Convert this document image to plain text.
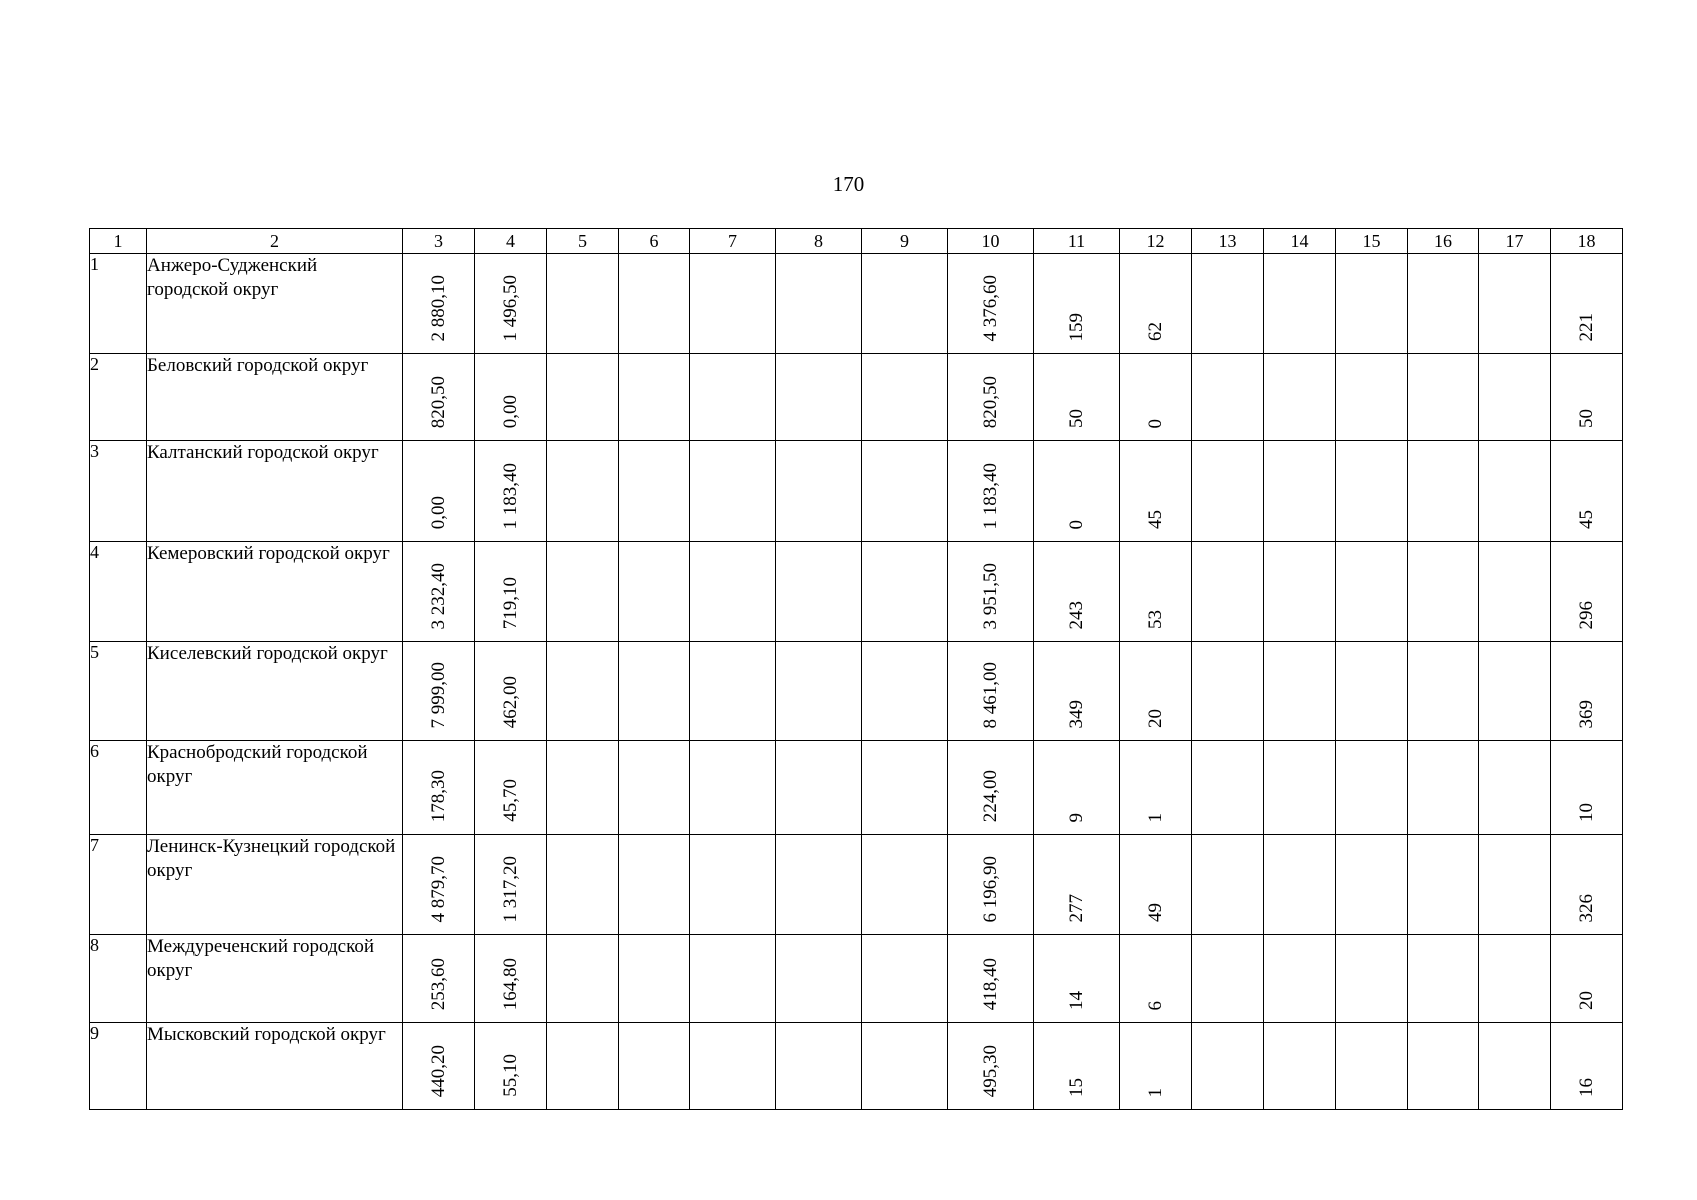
170
1	2	3	4	5	6	7	8	9	10	11	12	13	14	15	16	17	18
1	Анжеро-Судженский городской округ	2 880,10	1 496,50						4 376,60	159	62						221

2	Беловский городской округ	820,50	0,00						820,50	50	0						50

3	Калтанский городской округ	0,00	1 183,40						1 183,40	0	45						45

4	Кемеровский городской округ	3 232,40	719,10						3 951,50	243	53						296

5	Киселевский городской округ	7 999,00	462,00						8 461,00	349	20						369

6	Краснобродский городской округ	178,30	45,70						224,00	9	1						10

7	Ленинск-Кузнецкий городской округ	4 879,70	1 317,20						6 196,90	277	49						326

8	Междуреченский городской округ	253,60	164,80						418,40	14	6						20

9	Мысковский городской округ	440,20	55,10						495,30	15	1						16
